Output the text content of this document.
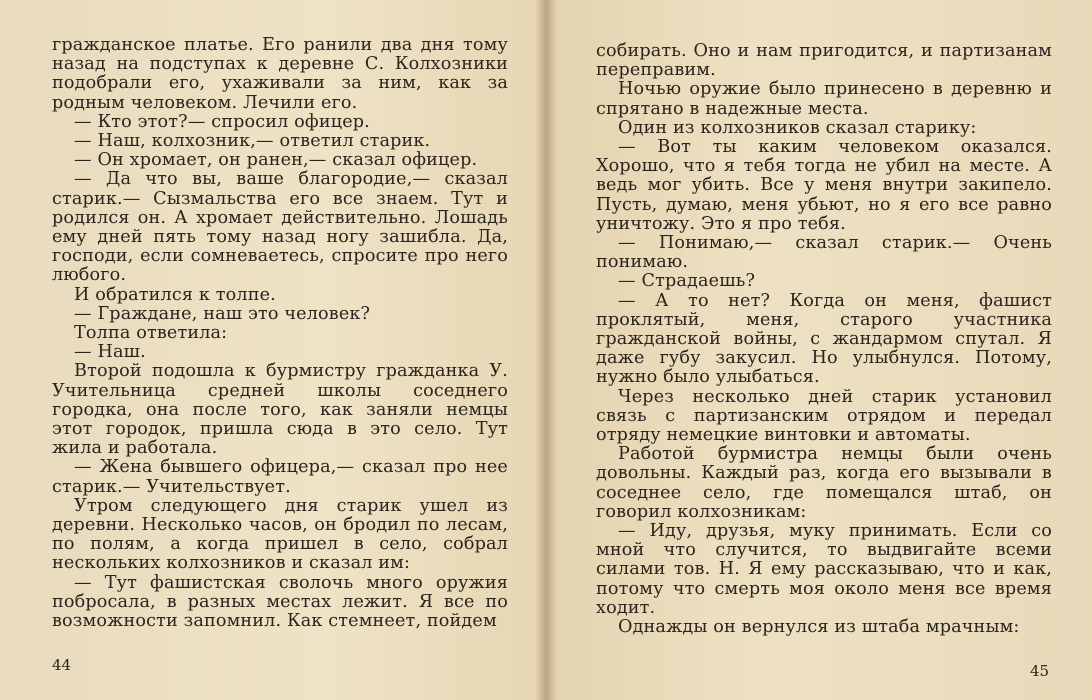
гражданское платье. Его ранили два дня тому назад на подступах к деревне С. Колхозники подобрали его, ухаживали за ним, как за родным человеком. Лечили его.

— Кто этот?— спросил офицер.

— Наш, колхозник,— ответил старик.

— Он хромает, он ранен,— сказал офицер.

— Да что вы, ваше благородие,— сказал старик.— Сызмальства его все знаем. Тут и родился он. А хромает действительно. Лошадь ему дней пять тому назад ногу зашибла. Да, господи, если сомневаетесь, спросите про него любого.

И обратился к толпе.

— Граждане, наш это человек?

Толпа ответила:

— Наш.

Второй подошла к бурмистру гражданка У. Учительница средней школы соседнего городка, она после того, как заняли немцы этот городок, пришла сюда в это село. Тут жила и работала.

— Жена бывшего офицера,— сказал про нее старик.— Учительствует.

Утром следующего дня старик ушел из деревни. Несколько часов, он бродил по лесам, по полям, а когда пришел в село, собрал нескольких колхозников и сказал им:

— Тут фашистская сволочь много оружия побросала, в разных местах лежит. Я все по возможности запомнил. Как стемнеет, пойдем

44

собирать. Оно и нам пригодится, и партизанам переправим.

Ночью оружие было принесено в деревню и спрятано в надежные места.

Один из колхозников сказал старику:

— Вот ты каким человеком оказался. Хорошо, что я тебя тогда не убил на месте. А ведь мог убить. Все у меня внутри закипело. Пусть, думаю, меня убьют, но я его все равно уничтожу. Это я про тебя.

— Понимаю,— сказал старик.— Очень понимаю.

— Страдаешь?

— А то нет? Когда он меня, фашист проклятый, меня, старого участника гражданской войны, с жандармом спутал. Я даже губу закусил. Но улыбнулся. Потому, нужно было улыбаться.

Через несколько дней старик установил связь с партизанским отрядом и передал отряду немецкие винтовки и автоматы.

Работой бурмистра немцы были очень довольны. Каждый раз, когда его вызывали в соседнее село, где помещался штаб, он говорил колхозникам:

— Иду, друзья, муку принимать. Если со мной что случится, то выдвигайте всеми силами тов. Н. Я ему рассказываю, что и как, потому что смерть моя около меня все время ходит.

Однажды он вернулся из штаба мрачным:

45
